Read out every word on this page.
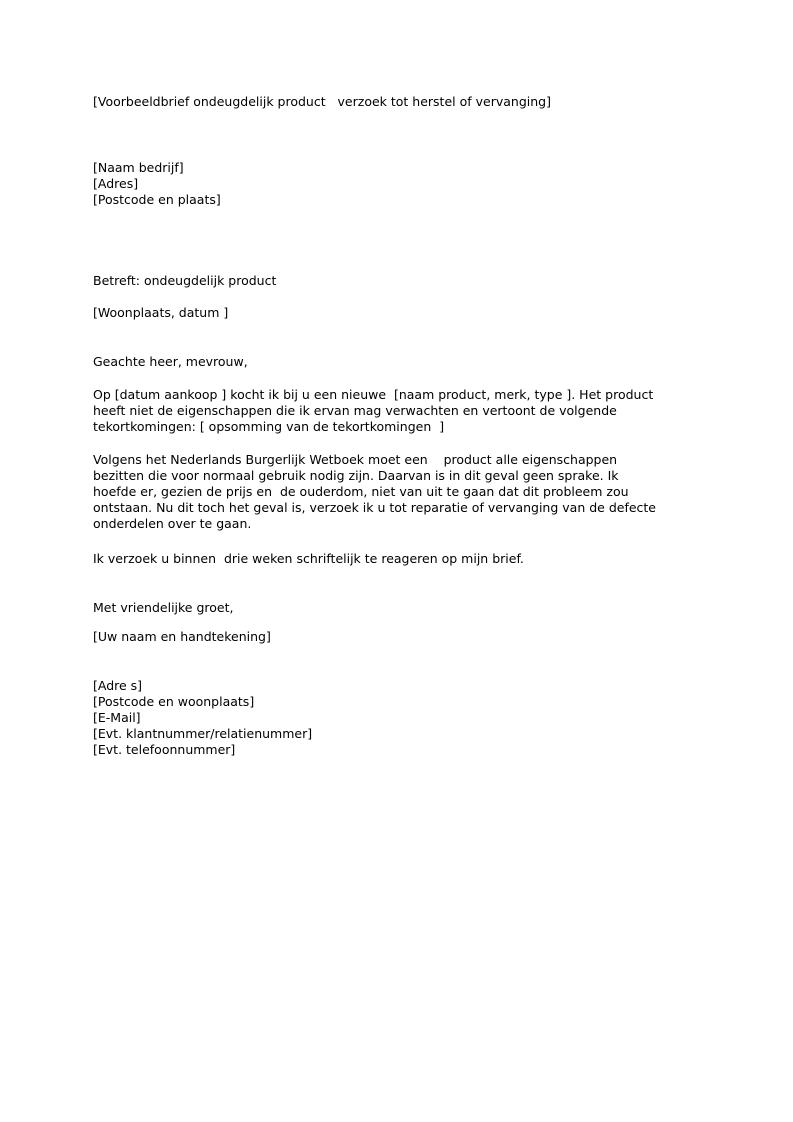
[Voorbeeldbrief ondeugdelijk product   verzoek tot herstel of vervanging]
[Naam bedrijf]
[Adres]
[Postcode en plaats]
Betreft: ondeugdelijk product
[Woonplaats, datum ]
Geachte heer, mevrouw,
Op [datum aankoop ] kocht ik bij u een nieuwe  [naam product, merk, type ]. Het product
heeft niet de eigenschappen die ik ervan mag verwachten en vertoont de volgende
tekortkomingen: [ opsomming van de tekortkomingen  ]
Volgens het Nederlands Burgerlijk Wetboek moet een    product alle eigenschappen
bezitten die voor normaal gebruik nodig zijn. Daarvan is in dit geval geen sprake. Ik
hoefde er, gezien de prijs en  de ouderdom, niet van uit te gaan dat dit probleem zou
ontstaan. Nu dit toch het geval is, verzoek ik u tot reparatie of vervanging van de defecte
onderdelen over te gaan.
Ik verzoek u binnen  drie weken schriftelijk te reageren op mijn brief.
Met vriendelijke groet,
[Uw naam en handtekening]
[Adre s]
[Postcode en woonplaats]
[E-Mail]
[Evt. klantnummer/relatienummer]
[Evt. telefoonnummer]
